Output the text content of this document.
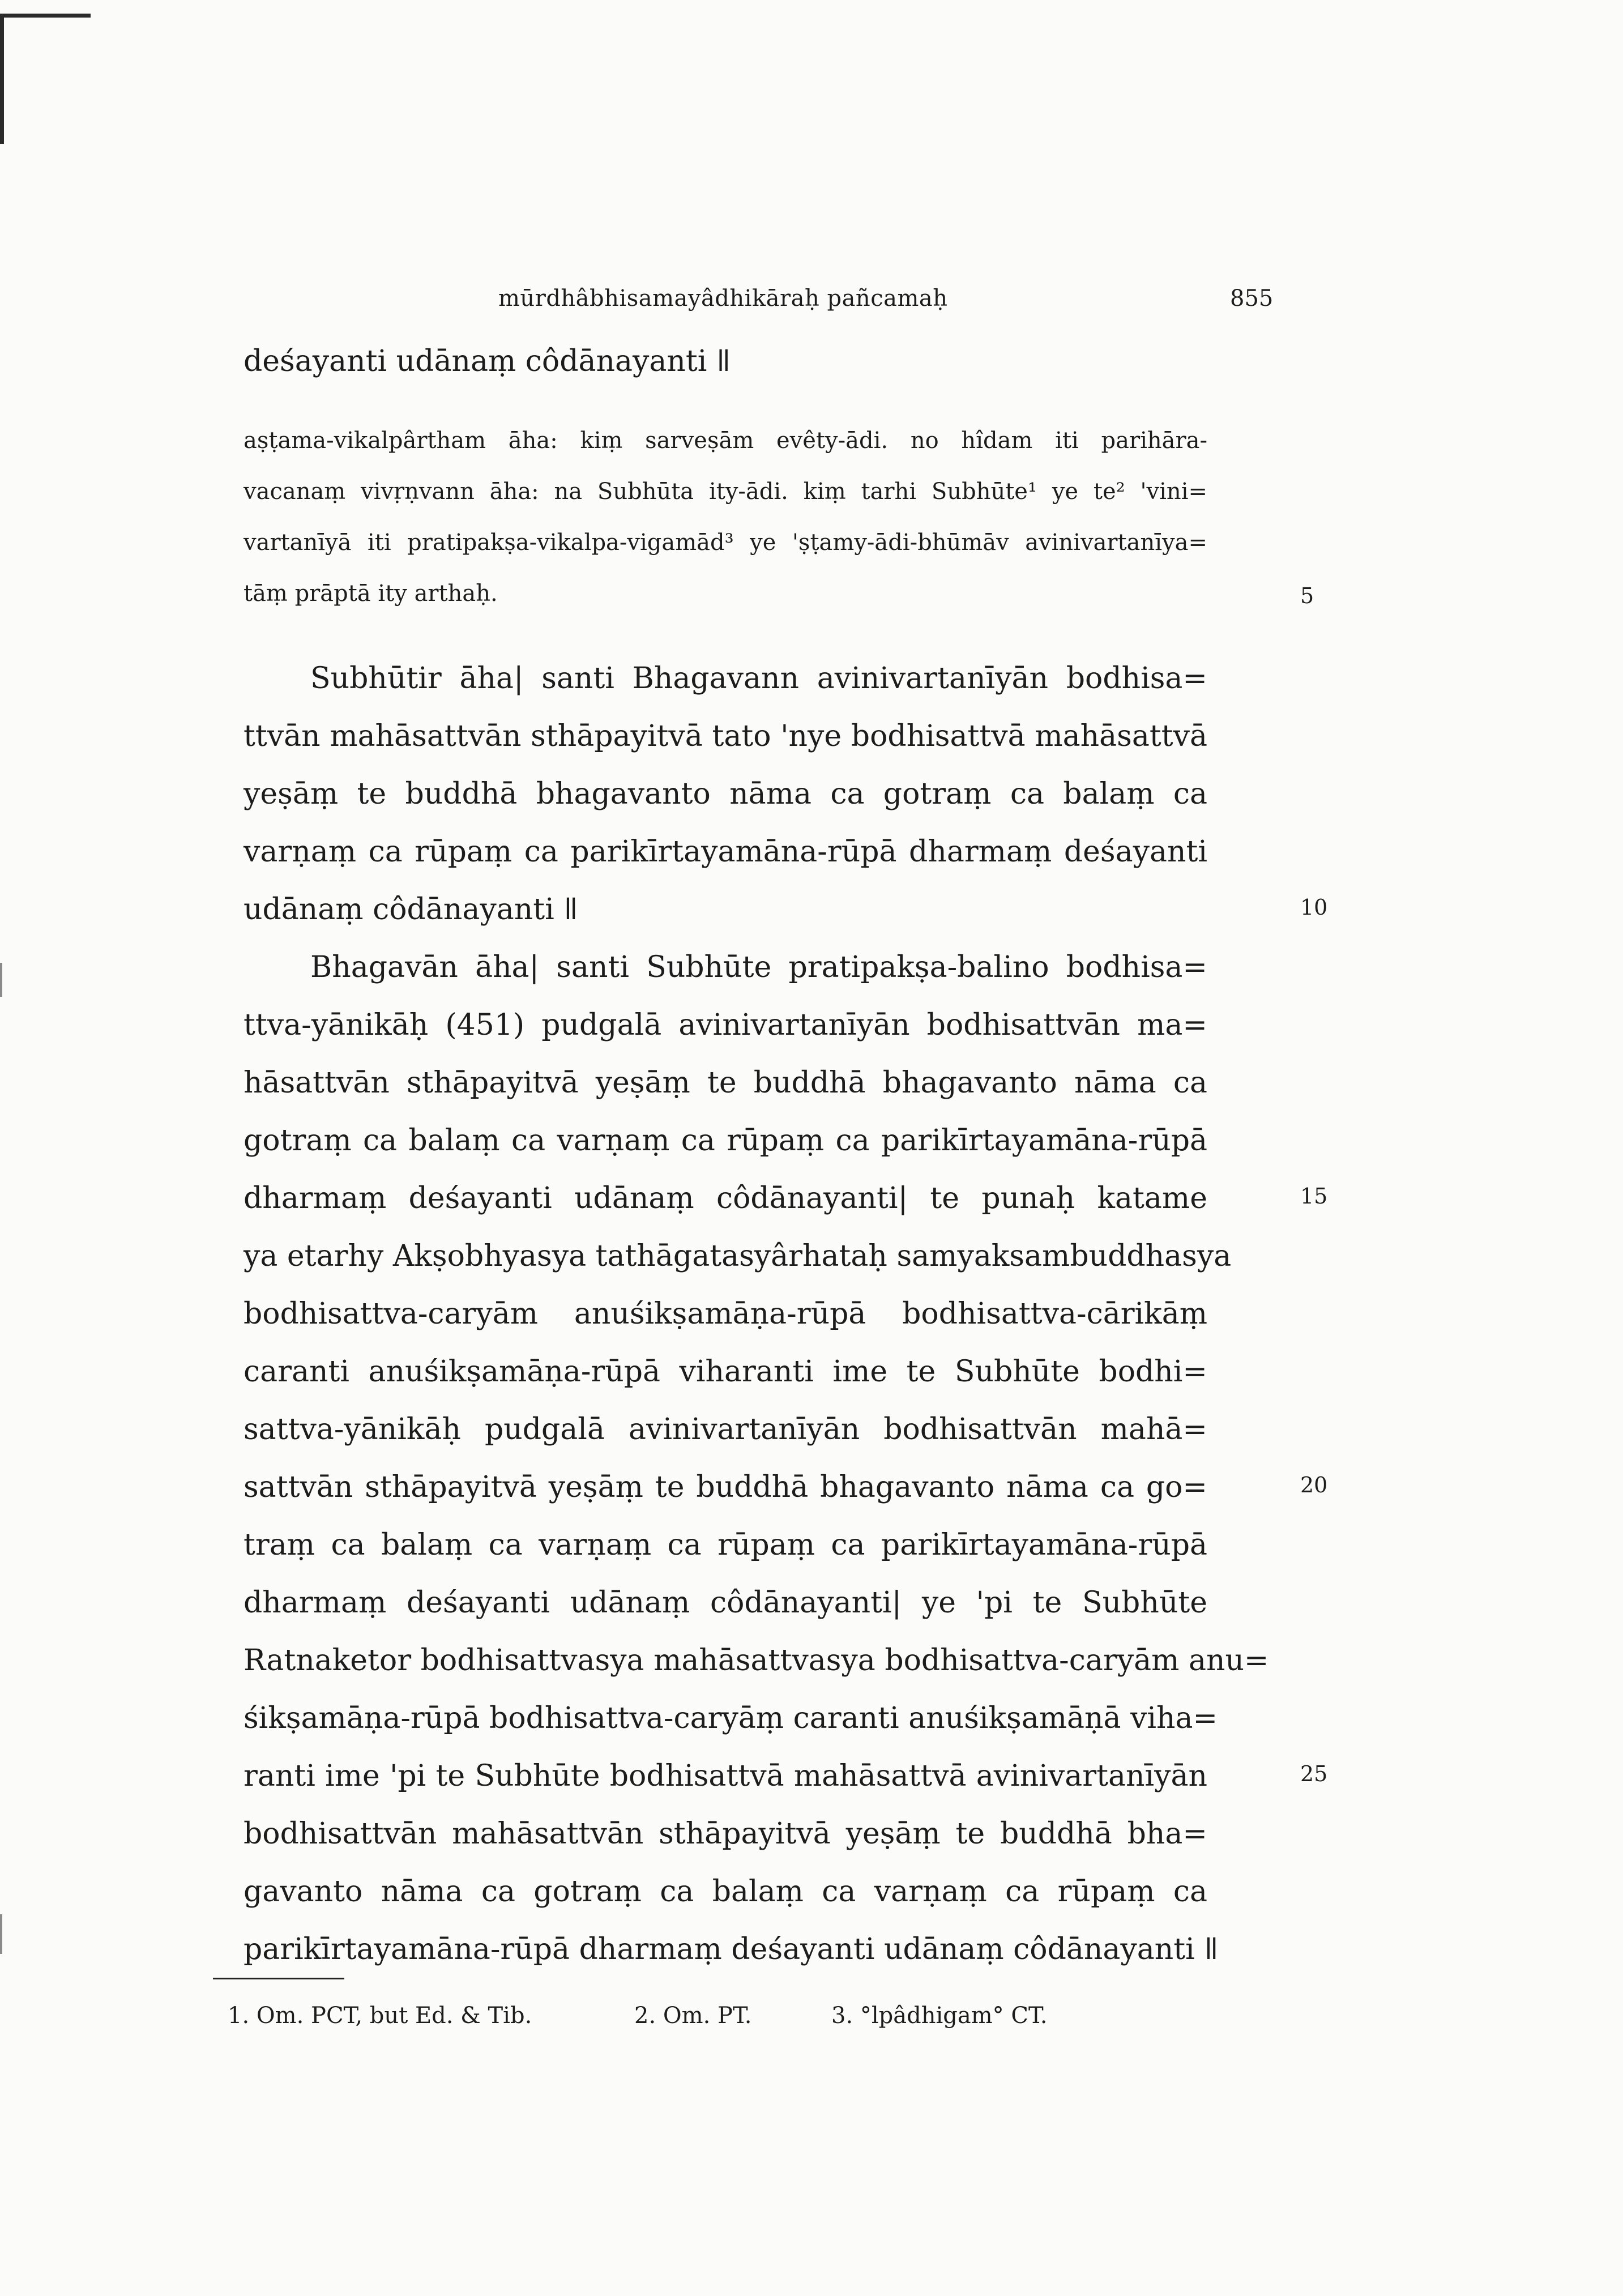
mūrdhâbhisamayâdhikāraḥ pañcamaḥ	855
deśayanti udānaṃ côdānayanti ǁ
aṣṭama-vikalpârtham āha: kiṃ sarveṣām evêty-ādi. no hîdam iti parihāra-
vacanaṃ vivṛṇvann āha: na Subhūta ity-ādi. kiṃ tarhi Subhūte¹ ye te² 'vini=
vartanīyā iti pratipakṣa-vikalpa-vigamād³ ye 'ṣṭamy-ādi-bhūmāv avinivartanīya=
tāṃ prāptā ity arthaḥ.
Subhūtir āha| santi Bhagavann avinivartanīyān bodhisa=
ttvān mahāsattvān sthāpayitvā tato 'nye bodhisattvā mahāsattvā
yeṣāṃ te buddhā bhagavanto nāma ca gotraṃ ca balaṃ ca
varṇaṃ ca rūpaṃ ca parikīrtayamāna-rūpā dharmaṃ deśayanti
udānaṃ côdānayanti ǁ
Bhagavān āha| santi Subhūte pratipakṣa-balino bodhisa=
ttva-yānikāḥ (451) pudgalā avinivartanīyān bodhisattvān ma=
hāsattvān sthāpayitvā yeṣāṃ te buddhā bhagavanto nāma ca
gotraṃ ca balaṃ ca varṇaṃ ca rūpaṃ ca parikīrtayamāna-rūpā
dharmaṃ deśayanti udānaṃ côdānayanti| te punaḥ katame
ya etarhy Akṣobhyasya tathāgatasyârhataḥ samyaksambuddhasya
bodhisattva-caryām anuśikṣamāṇa-rūpā bodhisattva-cārikāṃ
caranti anuśikṣamāṇa-rūpā viharanti ime te Subhūte bodhi=
sattva-yānikāḥ pudgalā avinivartanīyān bodhisattvān mahā=
sattvān sthāpayitvā yeṣāṃ te buddhā bhagavanto nāma ca go=
traṃ ca balaṃ ca varṇaṃ ca rūpaṃ ca parikīrtayamāna-rūpā
dharmaṃ deśayanti udānaṃ côdānayanti| ye 'pi te Subhūte
Ratnaketor bodhisattvasya mahāsattvasya bodhisattva-caryām anu=
śikṣamāṇa-rūpā bodhisattva-caryāṃ caranti anuśikṣamāṇā viha=
ranti ime 'pi te Subhūte bodhisattvā mahāsattvā avinivartanīyān
bodhisattvān mahāsattvān sthāpayitvā yeṣāṃ te buddhā bha=
gavanto nāma ca gotraṃ ca balaṃ ca varṇaṃ ca rūpaṃ ca
parikīrtayamāna-rūpā dharmaṃ deśayanti udānaṃ côdānayanti ǁ
5
10
15
20
25
1. Om. PCT, but Ed. & Tib.	2. Om. PT.	3. °lpâdhigam° CT.
